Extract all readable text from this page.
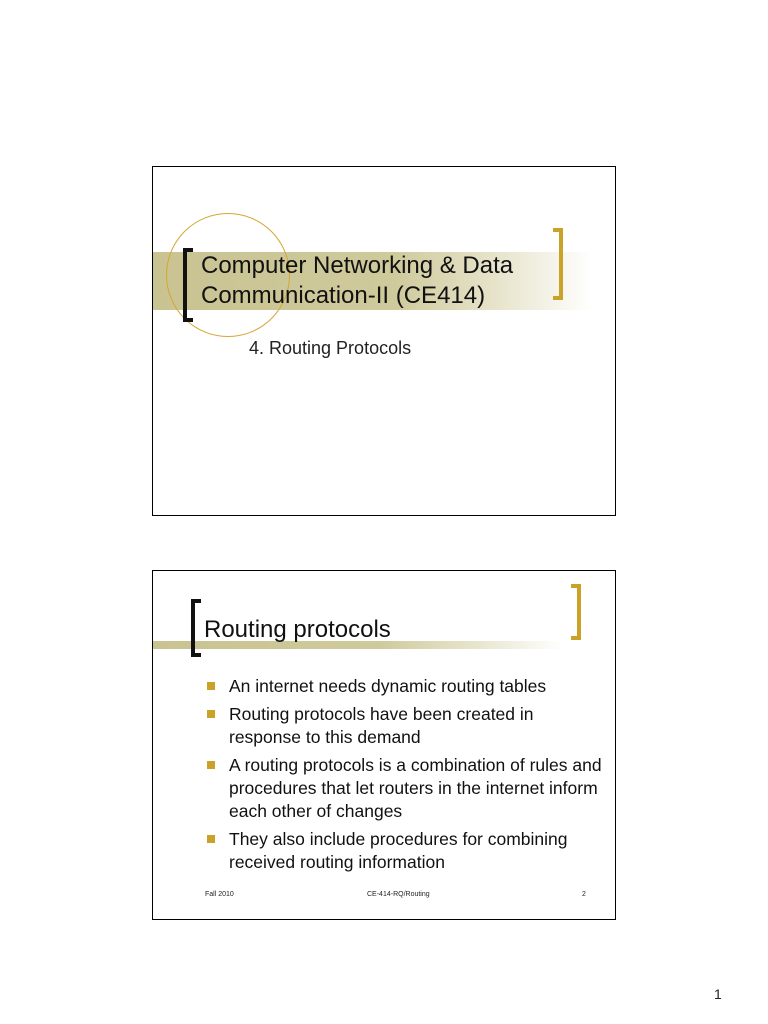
Computer Networking & Data
Communication-II (CE414)

4. Routing Protocols

Routing protocols
An internet needs dynamic routing tables
Routing protocols have been created in response to this demand
A routing protocols is a combination of rules and procedures that let routers in the internet inform each other of changes
They also include procedures for combining received routing information
Fall 2010	CE-414-RQ/Routing	2
1
